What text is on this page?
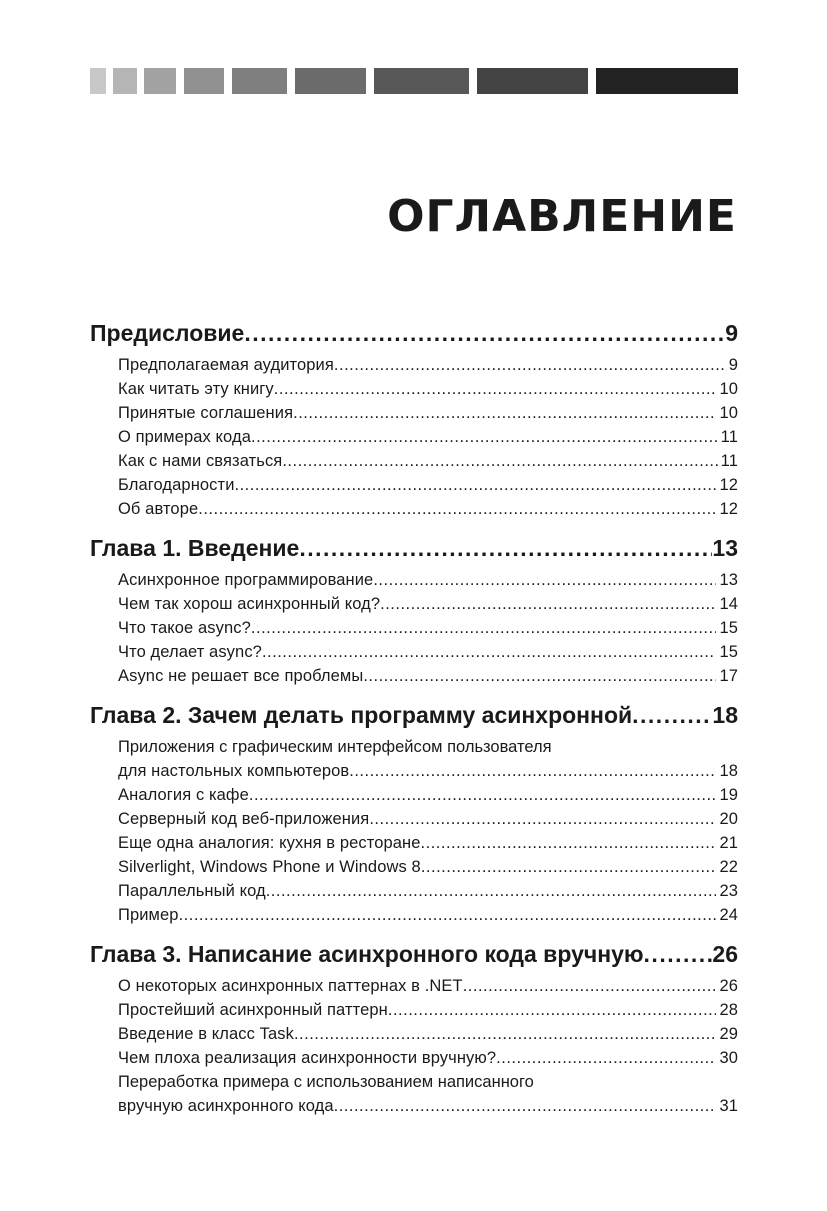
ОГЛАВЛЕНИЕ
Предисловие .....	9
Предполагаемая аудитория .....	9
Как читать эту книгу .....	10
Принятые соглашения .....	10
О примерах кода .....	11
Как с нами связаться .....	11
Благодарности .....	12
Об авторе .....	12
Глава 1. Введение .....	13
Асинхронное программирование .....	13
Чем так хорош асинхронный код? .....	14
Что такое async? .....	15
Что делает async? .....	15
Async не решает все проблемы .....	17
Глава 2. Зачем делать программу асинхронной .....	18
Приложения с графическим интерфейсом пользователя
для настольных компьютеров .....	18
Аналогия с кафе .....	19
Серверный код веб-приложения .....	20
Еще одна аналогия: кухня в ресторане .....	21
Silverlight, Windows Phone и Windows 8 .....	22
Параллельный код .....	23
Пример .....	24
Глава 3. Написание асинхронного кода вручную .....	26
О некоторых асинхронных паттернах в .NET .....	26
Простейший асинхронный паттерн .....	28
Введение в класс Task .....	29
Чем плоха реализация асинхронности вручную? .....	30
Переработка примера с использованием написанного
вручную асинхронного кода .....	31
